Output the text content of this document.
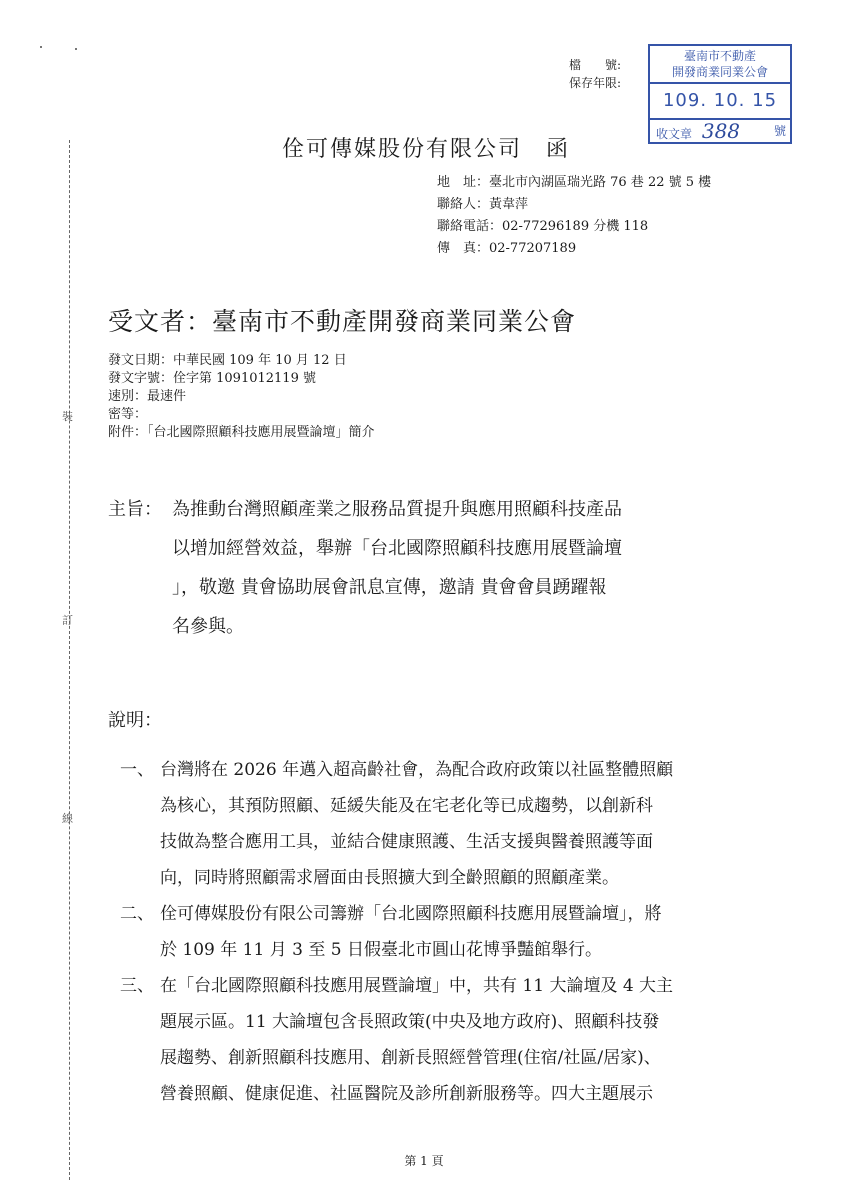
裝
訂
線
檔　　號:
保存年限:
臺南市不動產
開發商業同業公會
109. 10. 15
收文章 388	號
佺可傳媒股份有限公司　函
地　址：臺北市內湖區瑞光路 76 巷 22 號 5 樓
聯絡人：黃韋萍
聯絡電話：02-77296189 分機 118
傳　真：02-77207189
受文者：臺南市不動產開發商業同業公會
發文日期：中華民國 109 年 10 月 12 日
發文字號：佺字第 1091012119 號
速別：最速件
密等：
附件：「台北國際照顧科技應用展暨論壇」簡介
主旨： 為推動台灣照顧產業之服務品質提升與應用照顧科技產品
以增加經營效益，舉辦「台北國際照顧科技應用展暨論壇
」，敬邀 貴會協助展會訊息宣傳，邀請 貴會會員踴躍報
名參與。
說明：
一、 台灣將在 2026 年邁入超高齡社會，為配合政府政策以社區整體照顧
為核心，其預防照顧、延緩失能及在宅老化等已成趨勢，以創新科
技做為整合應用工具，並結合健康照護、生活支援與醫養照護等面
向，同時將照顧需求層面由長照擴大到全齡照顧的照顧產業。
二、 佺可傳媒股份有限公司籌辦「台北國際照顧科技應用展暨論壇」，將
於 109 年 11 月 3 至 5 日假臺北市圓山花博爭豔館舉行。
三、 在「台北國際照顧科技應用展暨論壇」中，共有 11 大論壇及 4 大主
題展示區。11 大論壇包含長照政策(中央及地方政府)、照顧科技發
展趨勢、創新照顧科技應用、創新長照經營管理(住宿/社區/居家)、
營養照顧、健康促進、社區醫院及診所創新服務等。四大主題展示
第 1 頁
